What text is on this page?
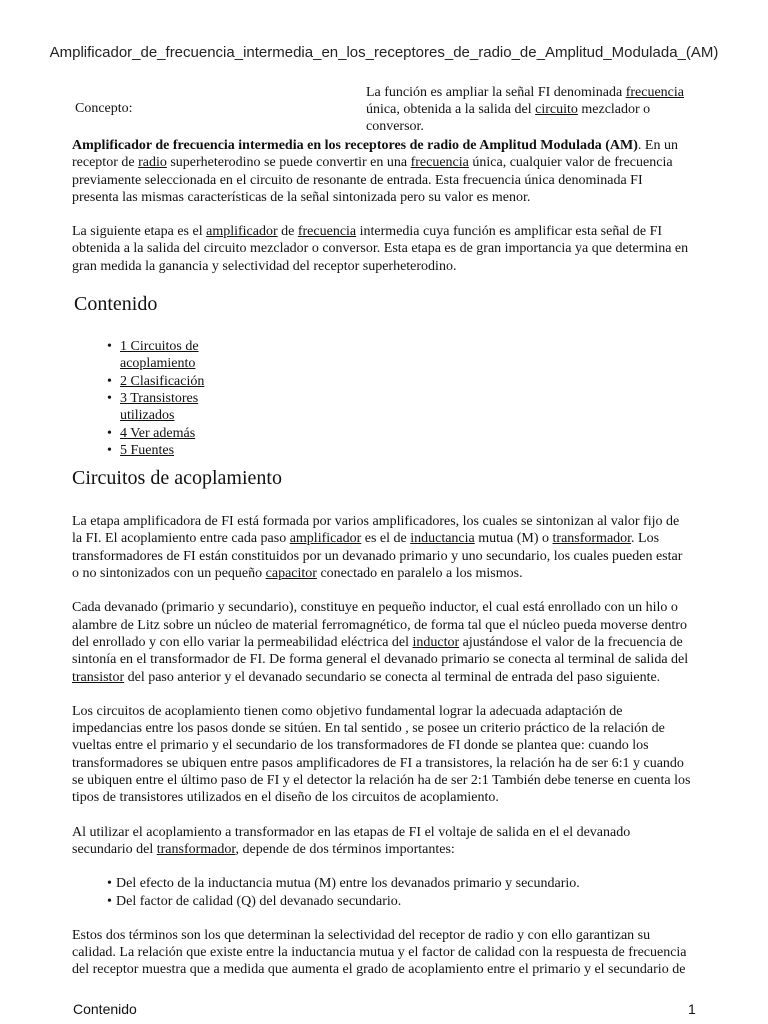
Amplificador_de_frecuencia_intermedia_en_los_receptores_de_radio_de_Amplitud_Modulada_(AM)
Concepto:
La función es ampliar la señal FI denominada frecuencia única, obtenida a la salida del circuito mezclador o conversor.

Amplificador de frecuencia intermedia en los receptores de radio de Amplitud Modulada (AM). En un receptor de radio superheterodino se puede convertir en una frecuencia única, cualquier valor de frecuencia previamente seleccionada en el circuito de resonante de entrada. Esta frecuencia única denominada FI presenta las mismas características de la señal sintonizada pero su valor es menor.

La siguiente etapa es el amplificador de frecuencia intermedia cuya función es amplificar esta señal de FI obtenida a la salida del circuito mezclador o conversor. Esta etapa es de gran importancia ya que determina en gran medida la ganancia y selectividad del receptor superheterodino.

Contenido
• 1 Circuitos de acoplamiento
• 2 Clasificación
• 3 Transistores utilizados
• 4 Ver además
• 5 Fuentes
Circuitos de acoplamiento

La etapa amplificadora de FI está formada por varios amplificadores, los cuales se sintonizan al valor fijo de la FI. El acoplamiento entre cada paso amplificador es el de inductancia mutua (M) o transformador. Los transformadores de FI están constituidos por un devanado primario y uno secundario, los cuales pueden estar o no sintonizados con un pequeño capacitor conectado en paralelo a los mismos.

Cada devanado (primario y secundario), constituye en pequeño inductor, el cual está enrollado con un hilo o alambre de Litz sobre un núcleo de material ferromagnético, de forma tal que el núcleo pueda moverse dentro del enrollado y con ello variar la permeabilidad eléctrica del inductor ajustándose el valor de la frecuencia de sintonía en el transformador de FI. De forma general el devanado primario se conecta al terminal de salida del transistor del paso anterior y el devanado secundario se conecta al terminal de entrada del paso siguiente.

Los circuitos de acoplamiento tienen como objetivo fundamental lograr la adecuada adaptación de impedancias entre los pasos donde se sitúen. En tal sentido , se posee un criterio práctico de la relación de vueltas entre el primario y el secundario de los transformadores de FI donde se plantea que: cuando los transformadores se ubiquen entre pasos amplificadores de FI a transistores, la relación ha de ser 6:1 y cuando se ubiquen entre el último paso de FI y el detector la relación ha de ser 2:1 También debe tenerse en cuenta los tipos de transistores utilizados en el diseño de los circuitos de acoplamiento.

Al utilizar el acoplamiento a transformador en las etapas de FI el voltaje de salida en el el devanado secundario del transformador, depende de dos términos importantes:

• Del efecto de la inductancia mutua (M) entre los devanados primario y secundario.
• Del factor de calidad (Q) del devanado secundario.

Estos dos términos son los que determinan la selectividad del receptor de radio y con ello garantizan su calidad. La relación que existe entre la inductancia mutua y el factor de calidad con la respuesta de frecuencia del receptor muestra que a medida que aumenta el grado de acoplamiento entre el primario y el secundario de

Contenido	1
